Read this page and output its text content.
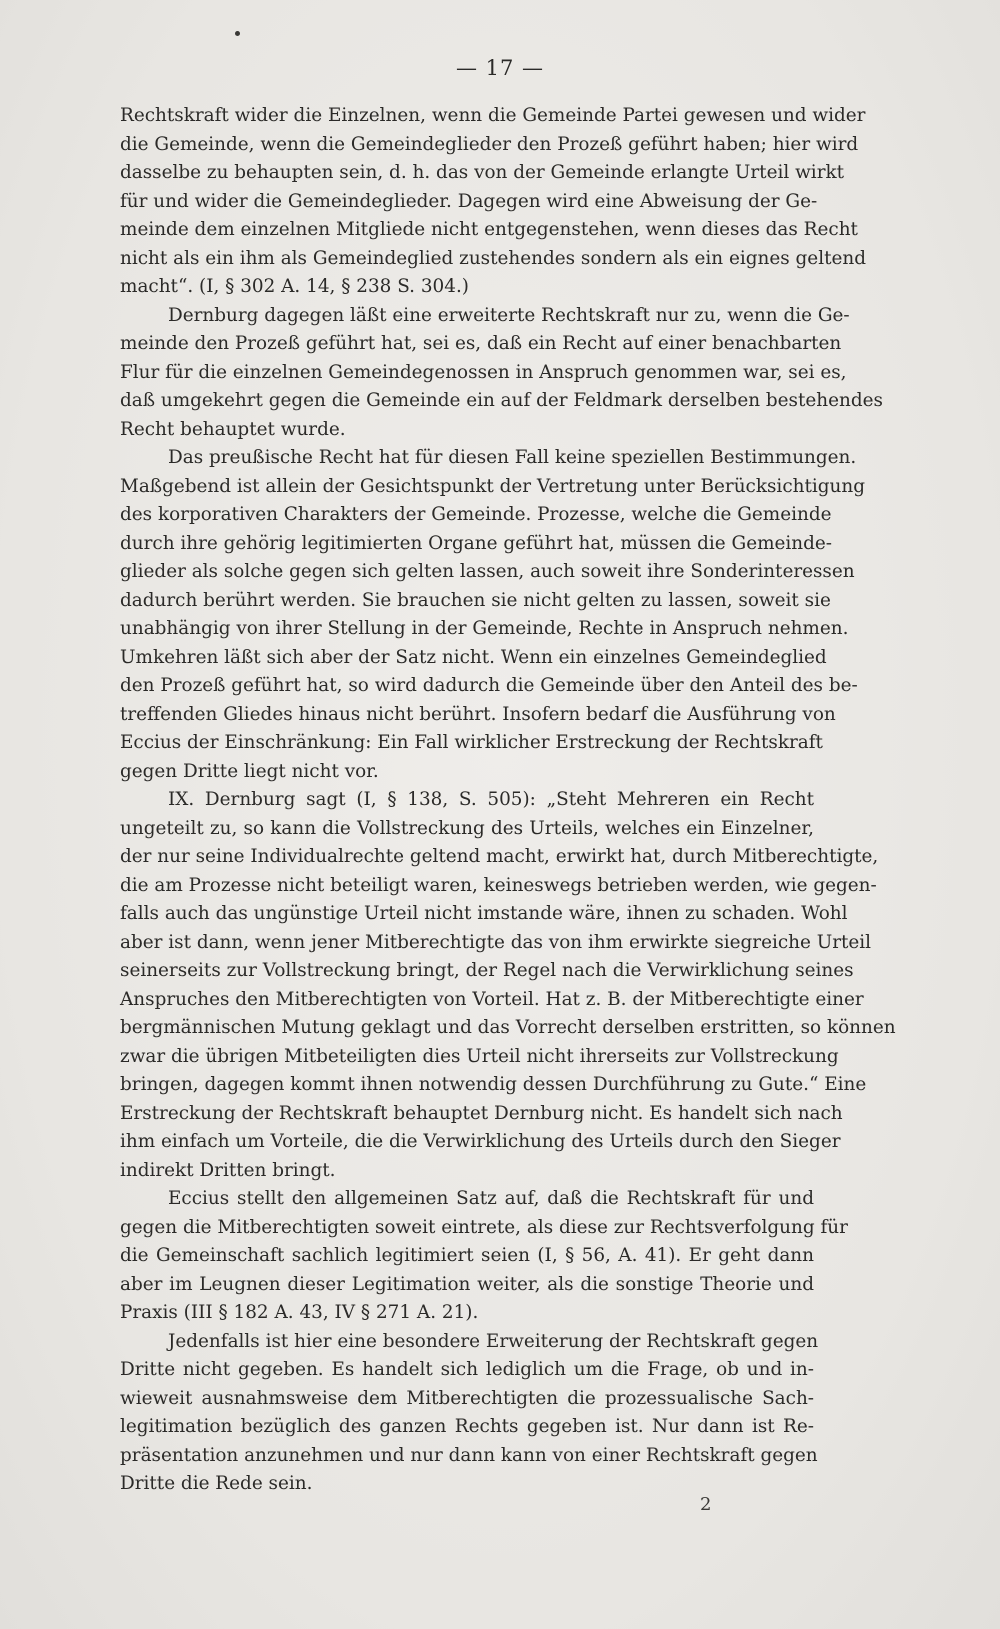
— 17 —
Rechtskraft wider die Einzelnen, wenn die Gemeinde Partei gewesen und wider
die Gemeinde, wenn die Gemeindeglieder den Prozeß geführt haben; hier wird
dasselbe zu behaupten sein, d. h. das von der Gemeinde erlangte Urteil wirkt
für und wider die Gemeindeglieder. Dagegen wird eine Abweisung der Ge-
meinde dem einzelnen Mitgliede nicht entgegenstehen, wenn dieses das Recht
nicht als ein ihm als Gemeindeglied zustehendes sondern als ein eignes geltend
macht“. (I, § 302 A. 14, § 238 S. 304.)
Dernburg dagegen läßt eine erweiterte Rechtskraft nur zu, wenn die Ge-
meinde den Prozeß geführt hat, sei es, daß ein Recht auf einer benachbarten
Flur für die einzelnen Gemeindegenossen in Anspruch genommen war, sei es,
daß umgekehrt gegen die Gemeinde ein auf der Feldmark derselben bestehendes
Recht behauptet wurde.
Das preußische Recht hat für diesen Fall keine speziellen Bestimmungen.
Maßgebend ist allein der Gesichtspunkt der Vertretung unter Berücksichtigung
des korporativen Charakters der Gemeinde. Prozesse, welche die Gemeinde
durch ihre gehörig legitimierten Organe geführt hat, müssen die Gemeinde-
glieder als solche gegen sich gelten lassen, auch soweit ihre Sonderinteressen
dadurch berührt werden. Sie brauchen sie nicht gelten zu lassen, soweit sie
unabhängig von ihrer Stellung in der Gemeinde, Rechte in Anspruch nehmen.
Umkehren läßt sich aber der Satz nicht. Wenn ein einzelnes Gemeindeglied
den Prozeß geführt hat, so wird dadurch die Gemeinde über den Anteil des be-
treffenden Gliedes hinaus nicht berührt. Insofern bedarf die Ausführung von
Eccius der Einschränkung: Ein Fall wirklicher Erstreckung der Rechtskraft
gegen Dritte liegt nicht vor.
IX. Dernburg sagt (I, § 138, S. 505): „Steht Mehreren ein Recht
ungeteilt zu, so kann die Vollstreckung des Urteils, welches ein Einzelner,
der nur seine Individualrechte geltend macht, erwirkt hat, durch Mitberechtigte,
die am Prozesse nicht beteiligt waren, keineswegs betrieben werden, wie gegen-
falls auch das ungünstige Urteil nicht imstande wäre, ihnen zu schaden. Wohl
aber ist dann, wenn jener Mitberechtigte das von ihm erwirkte siegreiche Urteil
seinerseits zur Vollstreckung bringt, der Regel nach die Verwirklichung seines
Anspruches den Mitberechtigten von Vorteil. Hat z. B. der Mitberechtigte einer
bergmännischen Mutung geklagt und das Vorrecht derselben erstritten, so können
zwar die übrigen Mitbeteiligten dies Urteil nicht ihrerseits zur Vollstreckung
bringen, dagegen kommt ihnen notwendig dessen Durchführung zu Gute.“ Eine
Erstreckung der Rechtskraft behauptet Dernburg nicht. Es handelt sich nach
ihm einfach um Vorteile, die die Verwirklichung des Urteils durch den Sieger
indirekt Dritten bringt.
Eccius stellt den allgemeinen Satz auf, daß die Rechtskraft für und
gegen die Mitberechtigten soweit eintrete, als diese zur Rechtsverfolgung für
die Gemeinschaft sachlich legitimiert seien (I, § 56, A. 41). Er geht dann
aber im Leugnen dieser Legitimation weiter, als die sonstige Theorie und
Praxis (III § 182 A. 43, IV § 271 A. 21).
Jedenfalls ist hier eine besondere Erweiterung der Rechtskraft gegen
Dritte nicht gegeben. Es handelt sich lediglich um die Frage, ob und in-
wieweit ausnahmsweise dem Mitberechtigten die prozessualische Sach-
legitimation bezüglich des ganzen Rechts gegeben ist. Nur dann ist Re-
präsentation anzunehmen und nur dann kann von einer Rechtskraft gegen
Dritte die Rede sein.
2
